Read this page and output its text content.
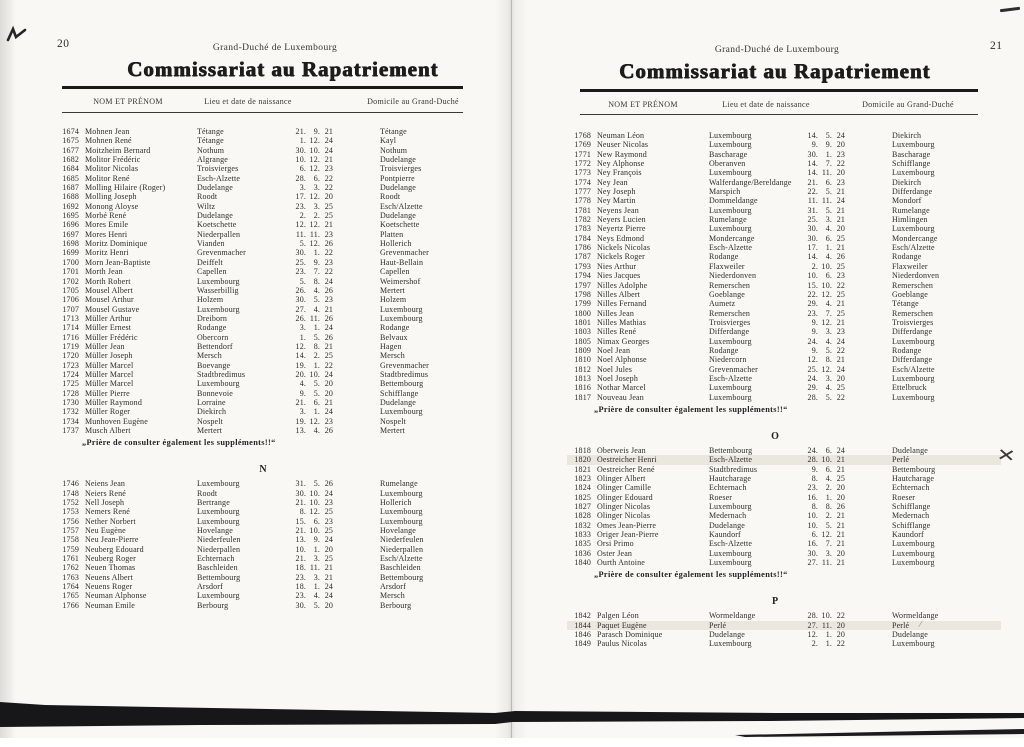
20	Grand-Duché de Luxembourg
Commissariat au Rapatriement
NOM ET PRÉNOM	Lieu et date de naissance	Domicile au Grand-Duché
1674 Mohnen Jean	Tétange	21. 9. 21	Tétange
1675 Mohnen René	Tétange	1. 12. 24	Kayl
1677 Moitzheim Bernard	Nothum	30. 10. 24	Nothum
1682 Molitor Frédéric	Algrange	10. 12. 21	Dudelange
1684 Molitor Nicolas	Troisvierges	6. 12. 23	Troisvierges
1685 Molitor René	Esch-Alzette	28. 6. 22	Pontpierre
1687 Molling Hilaire (Roger)	Dudelange	3. 3. 22	Dudelange
1688 Molling Joseph	Roodt	17. 12. 20	Roodt
1692 Monong Aloyse	Wiltz	23. 3. 25	Esch/Alzette
1695 Morbé René	Dudelange	2. 2. 25	Dudelange
1696 Mores Emile	Koetschette	12. 12. 21	Koetschette
1697 Mores Henri	Niederpallen	11. 11. 23	Platten
1698 Moritz Dominique	Vianden	5. 12. 26	Hollerich
1699 Moritz Henri	Grevenmacher	30. 1. 22	Grevenmacher
1700 Morn Jean-Baptiste	Deiffelt	25. 9. 23	Haut-Bellain
1701 Morth Jean	Capellen	23. 7. 22	Capellen
1702 Morth Robert	Luxembourg	5. 8. 24	Weimershof
1705 Mousel Albert	Wasserbillig	26. 4. 26	Mertert
1706 Mousel Arthur	Holzem	30. 5. 23	Holzem
1707 Mousel Gustave	Luxembourg	27. 4. 21	Luxembourg
1713 Müller Arthur	Dreiborn	26. 11. 26	Luxembourg
1714 Müller Ernest	Rodange	3. 1. 24	Rodange
1716 Müller Frédéric	Obercorn	1. 5. 26	Belvaux
1719 Müller Jean	Bettendorf	12. 8. 21	Hagen
1720 Müller Joseph	Mersch	14. 2. 25	Mersch
1723 Müller Marcel	Boevange	19. 1. 22	Grevenmacher
1724 Müller Marcel	Stadtbredimus	20. 10. 24	Stadtbredimus
1725 Müller Marcel	Luxembourg	4. 5. 20	Bettembourg
1728 Müller Pierre	Bonnevoie	9. 5. 20	Schifflange
1730 Müller Raymond	Lorraine	21. 6. 21	Dudelange
1732 Müller Roger	Diekirch	3. 1. 24	Luxembourg
1734 Munhoven Eugène	Nospelt	19. 12. 23	Nospelt
1737 Musch Albert	Mertert	13. 4. 26	Mertert
„Prière de consulter également les suppléments!!“
N
1746 Neiens Jean	Luxembourg	31. 5. 26	Rumelange
1748 Neiers René	Roodt	30. 10. 24	Luxembourg
1752 Nell Joseph	Bertrange	21. 10. 23	Hollerich
1753 Nemers René	Luxembourg	8. 12. 25	Luxembourg
1756 Nether Norbert	Luxembourg	15. 6. 23	Luxembourg
1757 Neu Eugène	Hovelange	21. 10. 25	Hovelange
1758 Neu Jean-Pierre	Niederfeulen	13. 9. 24	Niederfeulen
1759 Neuberg Edouard	Niederpallen	10. 1. 20	Niederpallen
1761 Neuberg Roger	Echternach	21. 3. 25	Esch/Alzette
1762 Neuen Thomas	Baschleiden	18. 11. 21	Baschleiden
1763 Neuens Albert	Bettembourg	23. 3. 21	Bettembourg
1764 Neuens Roger	Arsdorf	18. 1. 24	Arsdorf
1765 Neuman Alphonse	Luxembourg	23. 4. 24	Mersch
1766 Neuman Emile	Berbourg	30. 5. 20	Berbourg
21
Grand-Duché de Luxembourg
Commissariat au Rapatriement
NOM ET PRÉNOM	Lieu et date de naissance	Domicile au Grand-Duché
1768 Neuman Léon	Luxembourg	14. 5. 24	Diekirch
1769 Neuser Nicolas	Luxembourg	9. 9. 20	Luxembourg
1771 New Raymond	Bascharage	30. 1. 23	Bascharage
1772 Ney Alphonse	Oberanven	14. 7. 22	Schifflange
1773 Ney François	Luxembourg	14. 11. 20	Luxembourg
1774 Ney Jean	Walferdange/Bereldange 21. 6. 23	Diekirch
1777 Ney Joseph	Marspich	22. 5. 21	Differdange
1778 Ney Martin	Dommeldange	11. 11. 24	Mondorf
1781 Neyens Jean	Luxembourg	31. 5. 21	Rumelange
1782 Neyers Lucien	Rumelange	25. 3. 21	Himlingen
1783 Neyertz Pierre	Luxembourg	30. 4. 20	Luxembourg
1784 Neys Edmond	Mondercange	30. 6. 25	Mondercange
1786 Nickels Nicolas	Esch-Alzette	17. 1. 21	Esch/Alzette
1787 Nickels Roger	Rodange	14. 4. 26	Rodange
1793 Nies Arthur	Flaxweiler	2. 10. 25	Flaxweiler
1794 Nies Jacques	Niederdonven	10. 6. 23	Niederdonven
1797 Nilles Adolphe	Remerschen	15. 10. 22	Remerschen
1798 Nilles Albert	Goeblange	22. 12. 25	Goeblange
1799 Nilles Fernand	Aumetz	29. 4. 21	Tétange
1800 Nilles Jean	Remerschen	23. 7. 25	Remerschen
1801 Nilles Mathias	Troisvierges	9. 12. 21	Troisvierges
1803 Nilles René	Differdange	9. 3. 23	Differdange
1805 Nimax Georges	Luxembourg	24. 4. 24	Luxembourg
1809 Noel Jean	Rodange	9. 5. 22	Rodange
1810 Noel Alphonse	Niedercorn	12. 8. 21	Differdange
1812 Noel Jules	Grevenmacher	25. 12. 24	Esch/Alzette
1813 Noel Joseph	Esch-Alzette	24. 3. 20	Luxembourg
1816 Nothar Marcel	Luxembourg	29. 4. 25	Ettelbruck
1817 Nouveau Jean	Luxembourg	28. 5. 22	Luxembourg
„Prière de consulter également les suppléments!!“
O
1818 Oberweis Jean	Bettembourg	24. 6. 24	Dudelange
1820 Oestreicher Henri	Esch-Alzette	28. 10. 21	Perlé	✕
1821 Oestreicher René	Stadtbredimus	9. 6. 21	Bettembourg
1823 Olinger Albert	Hautcharage	8. 4. 25	Hautcharage
1824 Olinger Camille	Echternach	23. 2. 20	Echternach
1825 Olinger Edouard	Roeser	16. 1. 20	Roeser
1827 Olinger Nicolas	Luxembourg	8. 8. 26	Schifflange
1828 Olinger Nicolas	Medernach	10. 2. 21	Medernach
1832 Omes Jean-Pierre	Dudelange	10. 5. 21	Schifflange
1833 Origer Jean-Pierre	Kaundorf	6. 12. 21	Kaundorf
1835 Orsi Primo	Esch-Alzette	16. 7. 21	Luxembourg
1836 Oster Jean	Luxembourg	30. 3. 20	Luxembourg
1840 Ourth Antoine	Luxembourg	27. 11. 21	Luxembourg
„Prière de consulter également les suppléments!!“
P
1842 Palgen Léon	Wormeldange	28. 10. 22	Wormeldange
1844 Paquet Eugène	Perlé	27. 11. 20	Perlé /
1846 Parasch Dominique	Dudelange	12. 1. 20	Dudelange
1849 Paulus Nicolas	Luxembourg	2. 1. 22	Luxembourg
